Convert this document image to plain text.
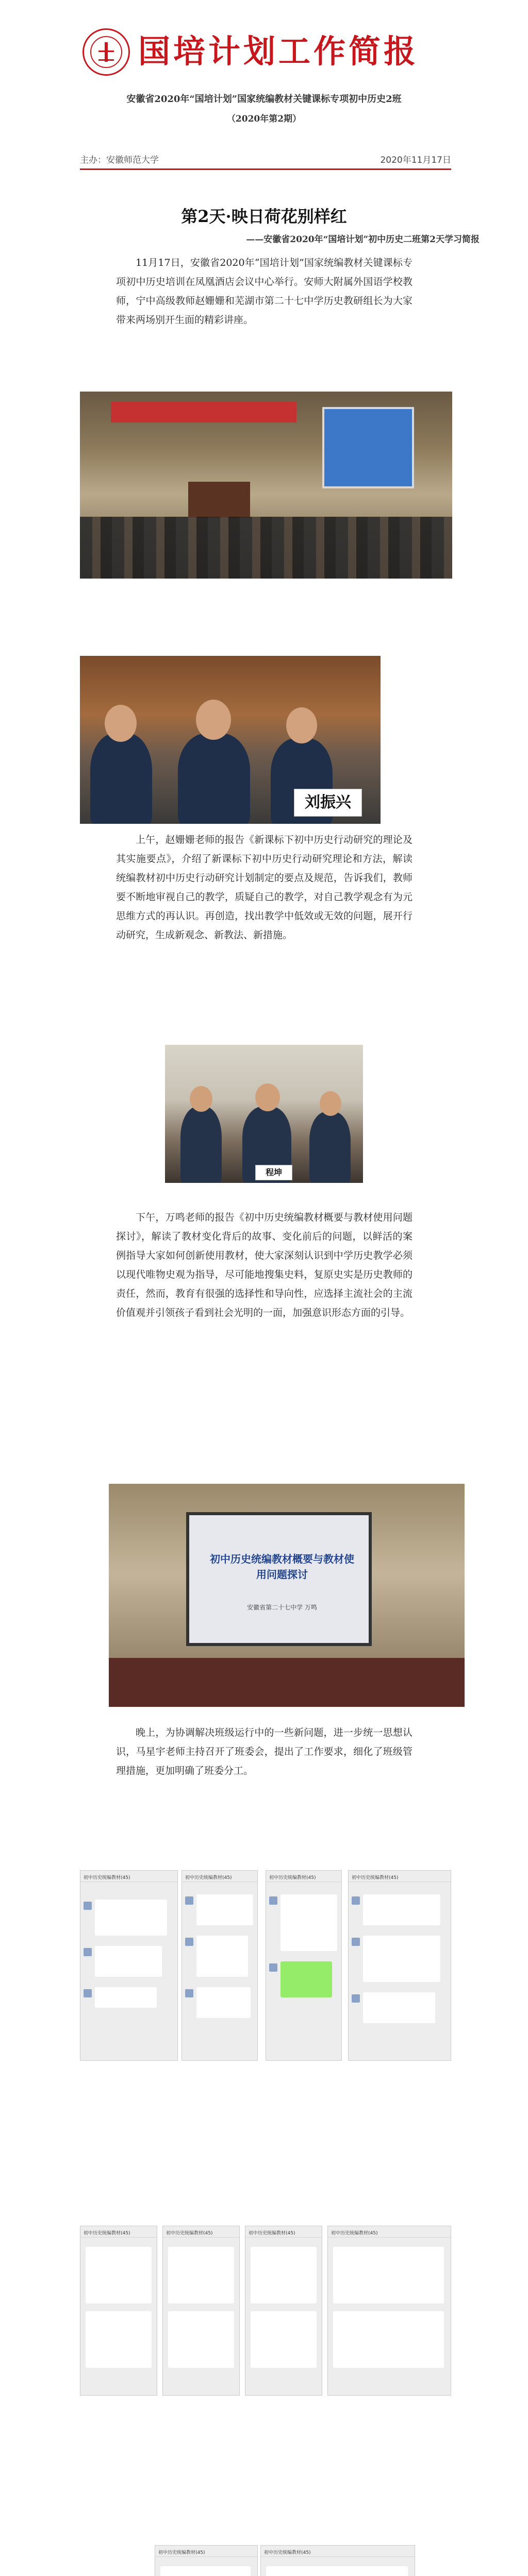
国培计划工作简报
安徽省2020年“国培计划”国家统编教材关键课标专项初中历史2班
（2020年第2期）
主办：安徽师范大学	2020年11月17日
第2天·映日荷花别样红
——安徽省2020年“国培计划”初中历史二班第2天学习简报
11月17日，安徽省2020年“国培计划”国家统编教材关键课标专项初中历史培训在凤凰酒店会议中心举行。安师大附属外国语学校教师，宁中高级教师赵姗姗和芜湖市第二十七中学历史教研组长为大家带来两场别开生面的精彩讲座。
刘振兴
上午，赵姗姗老师的报告《新课标下初中历史行动研究的理论及其实施要点》，介绍了新课标下初中历史行动研究理论和方法，解读统编教材初中历史行动研究计划制定的要点及规范，告诉我们，教师要不断地审视自己的教学，质疑自己的教学，对自己教学观念有为元思维方式的再认识。再创造，找出教学中低效或无效的问题，展开行动研究，生成新观念、新教法、新措施。
程坤
下午，万鸣老师的报告《初中历史统编教材概要与教材使用问题探讨》，解读了教材变化背后的故事、变化前后的问题，以鲜活的案例指导大家如何创新使用教材，使大家深刻认识到中学历史教学必须以现代唯物史观为指导，尽可能地搜集史料，复原史实是历史教师的责任，然而，教育有很强的选择性和导向性，应选择主流社会的主流价值观并引领孩子看到社会光明的一面，加强意识形态方面的引导。
初中历史统编教材概要与教材使用问题探讨
安徽省第二十七中学 万鸣
晚上，为协调解决班级运行中的一些新问题，进一步统一思想认识，马星宇老师主持召开了班委会，提出了工作要求，细化了班级管理措施，更加明确了班委分工。
初中历史统编教材(45)	初中历史统编教材(45)	初中历史统编教材(45)	初中历史统编教材(45)
初中历史统编教材(45)	初中历史统编教材(45)	初中历史统编教材(45)	初中历史统编教材(45)
初中历史统编教材(45)	初中历史统编教材(45)
